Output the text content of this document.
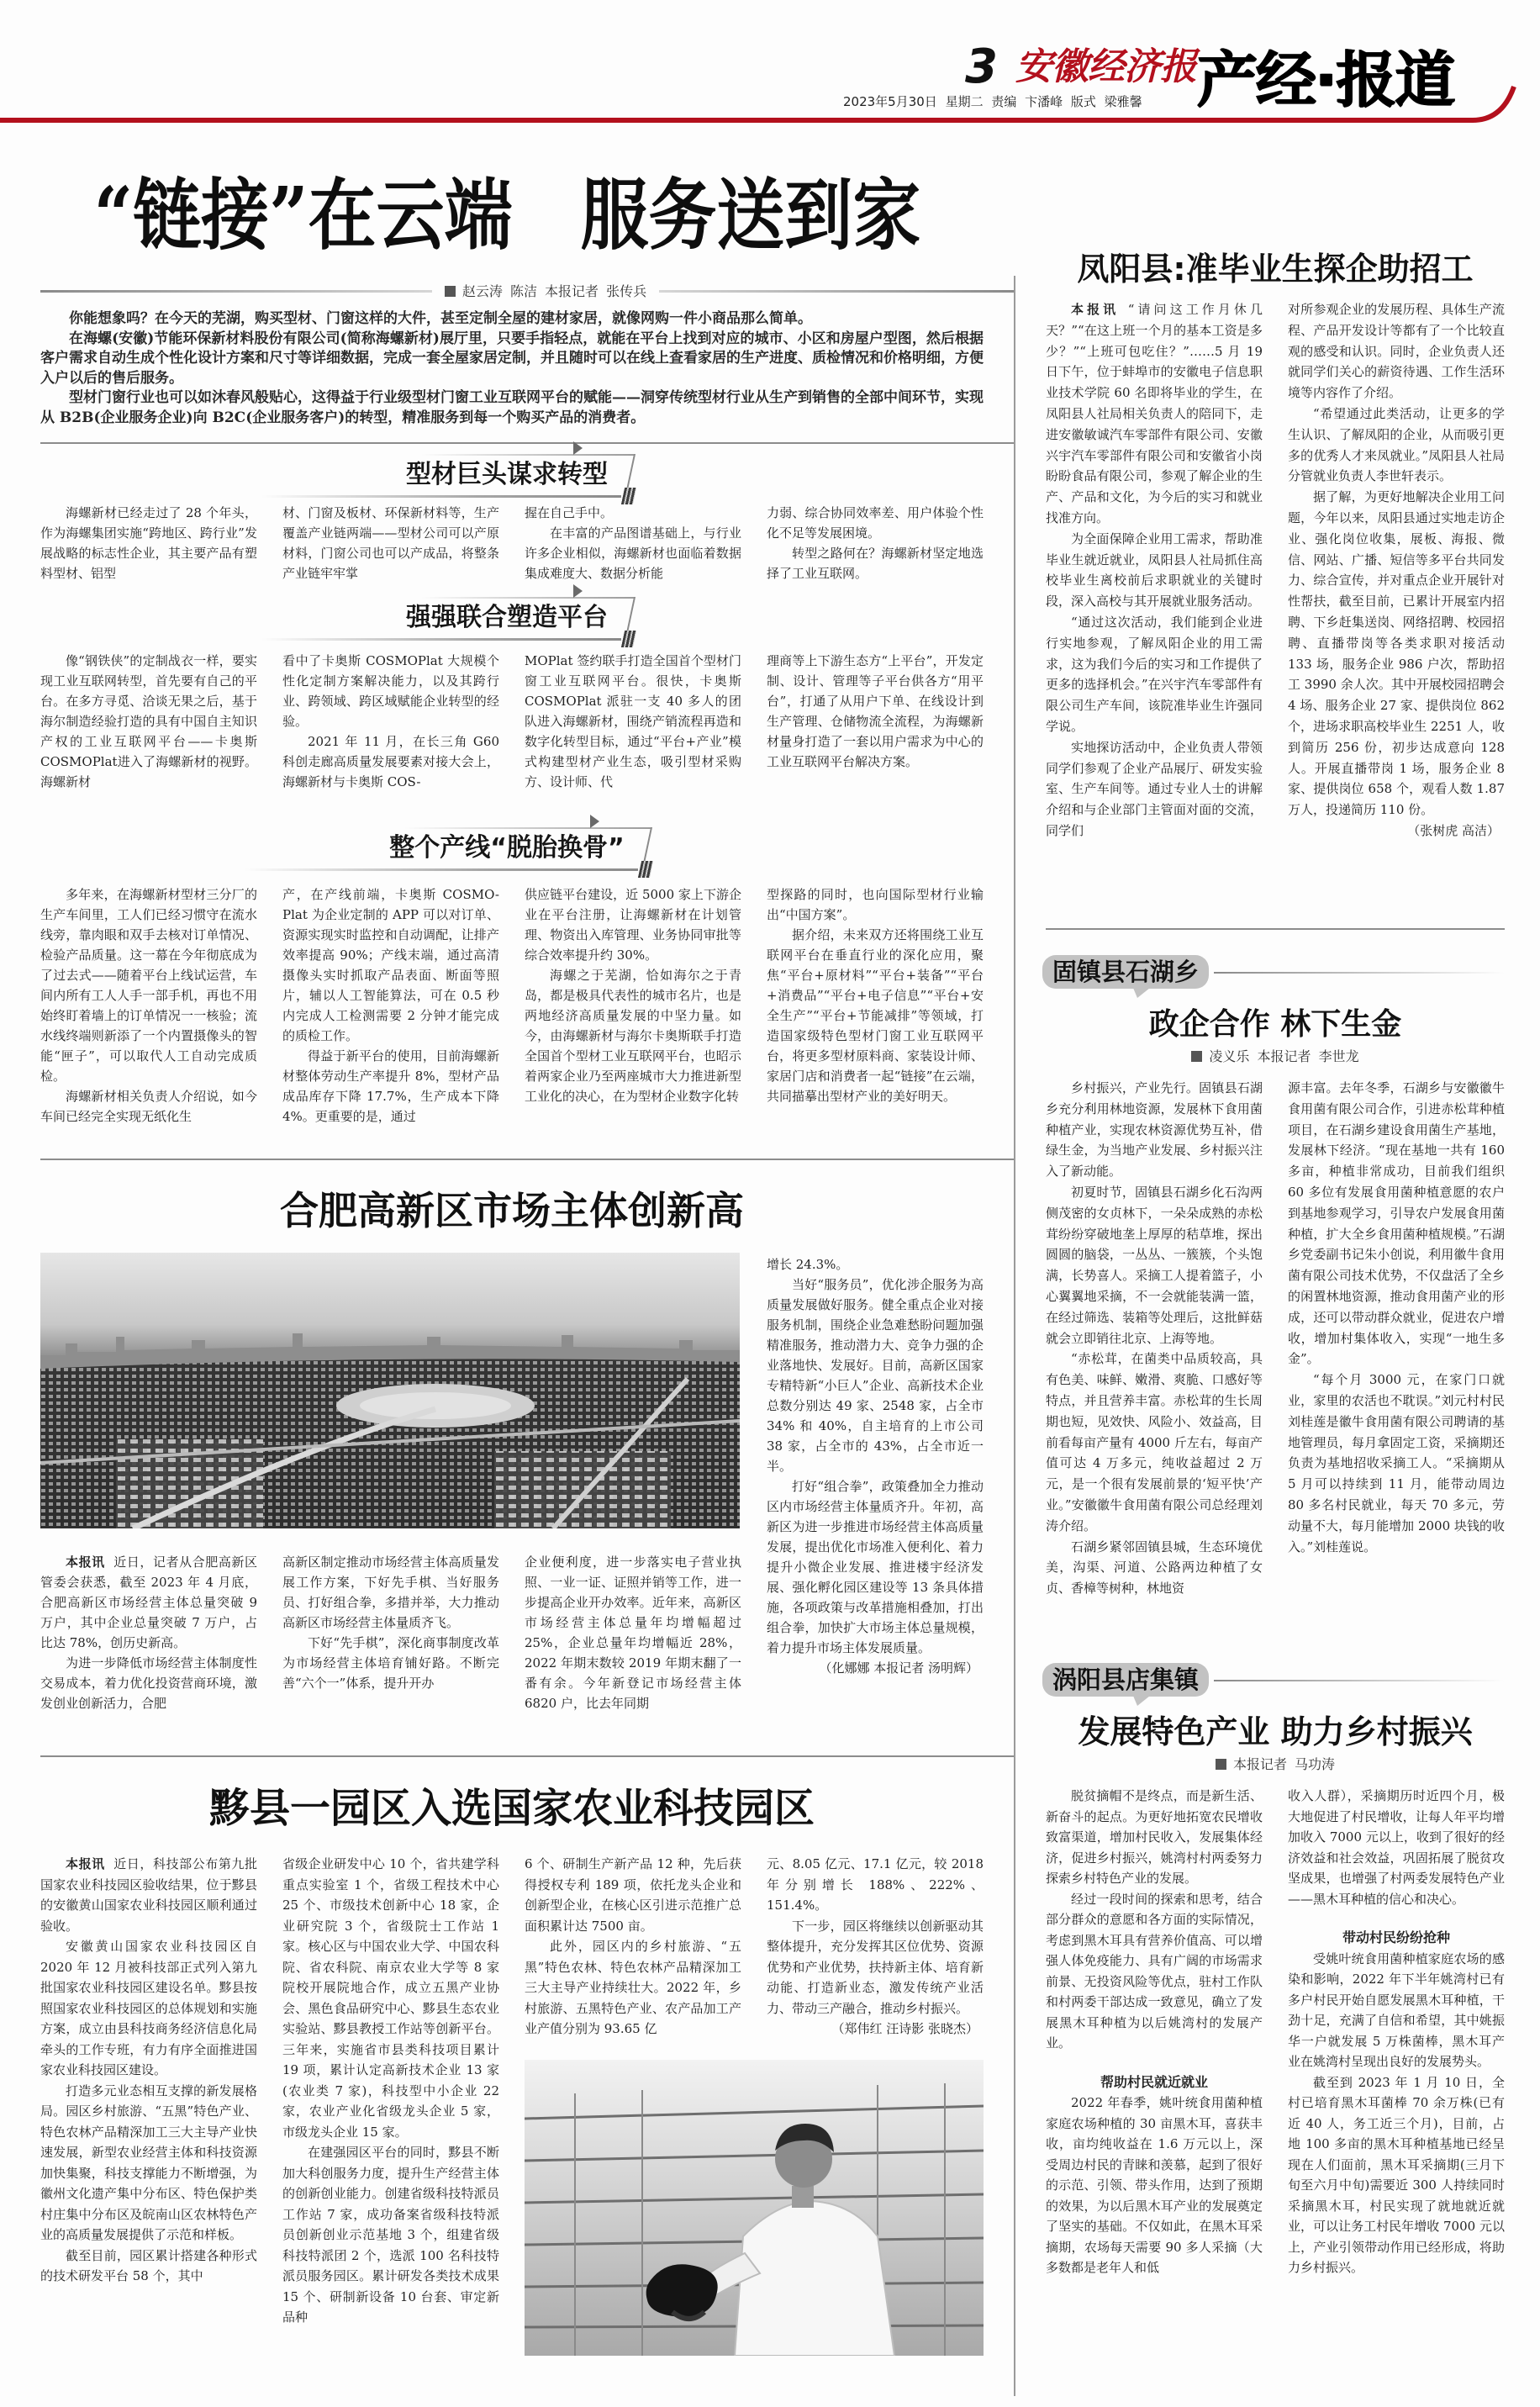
3 安徽经济报
2023年5月30日 星期二 责编 卞潘峰 版式 梁雅馨 产经·报道
“链接”在云端　服务送到家
赵云涛 陈洁 本报记者 张传兵

你能想象吗？在今天的芜湖，购买型材、门窗这样的大件，甚至定制全屋的建材家居，就像网购一件小商品那么简单。

在海螺(安徽)节能环保新材料股份有限公司(简称海螺新材)展厅里，只要手指轻点，就能在平台上找到对应的城市、小区和房屋户型图，然后根据客户需求自动生成个性化设计方案和尺寸等详细数据，完成一套全屋家居定制，并且随时可以在线上查看家居的生产进度、质检情况和价格明细，方便入户以后的售后服务。

型材门窗行业也可以如沐春风般贴心，这得益于行业级型材门窗工业互联网平台的赋能——洞穿传统型材行业从生产到销售的全部中间环节，实现从 B2B(企业服务企业)向 B2C(企业服务客户)的转型，精准服务到每一个购买产品的消费者。

型材巨头谋求转型

海螺新材已经走过了 28 个年头，作为海螺集团实施“跨地区、跨行业”发展战略的标志性企业，其主要产品有塑料型材、铝型

材、门窗及板材、环保新材料等，生产覆盖产业链两端——型材公司可以产原材料，门窗公司也可以产成品，将整条产业链牢牢掌

握在自己手中。

在丰富的产品图谱基础上，与行业许多企业相似，海螺新材也面临着数据集成难度大、数据分析能

力弱、综合协同效率差、用户体验个性化不足等发展困境。

转型之路何在？海螺新材坚定地选择了工业互联网。

强强联合塑造平台

像“钢铁侠”的定制战衣一样，要实现工业互联网转型，首先要有自己的平台。在多方寻觅、洽谈无果之后，基于海尔制造经验打造的具有中国自主知识产权的工业互联网平台——卡奥斯 COSMOPlat进入了海螺新材的视野。海螺新材

看中了卡奥斯 COSMOPlat 大规模个性化定制方案解决能力，以及其跨行业、跨领域、跨区域赋能企业转型的经验。

2021 年 11 月，在长三角 G60 科创走廊高质量发展要素对接大会上，海螺新材与卡奥斯 COS-

MOPlat 签约联手打造全国首个型材门窗工业互联网平台。很快，卡奥斯 COSMOPlat 派驻一支 40 多人的团队进入海螺新材，围绕产销流程再造和数字化转型目标，通过“平台+产业”模式构建型材产业生态，吸引型材采购方、设计师、代

理商等上下游生态方“上平台”，开发定制、设计、管理等子平台供各方“用平台”，打通了从用户下单、在线设计到生产管理、仓储物流全流程，为海螺新材量身打造了一套以用户需求为中心的工业互联网平台解决方案。

整个产线“脱胎换骨”

多年来，在海螺新材型材三分厂的生产车间里，工人们已经习惯守在流水线旁，靠肉眼和双手去核对订单情况、检验产品质量。这一幕在今年彻底成为了过去式——随着平台上线试运营，车间内所有工人人手一部手机，再也不用始终盯着墙上的订单情况一一核验；流水线终端则新添了一个内置摄像头的智能“匣子”，可以取代人工自动完成质检。

海螺新材相关负责人介绍说，如今车间已经完全实现无纸化生

产，在产线前端，卡奥斯 COSMO-Plat 为企业定制的 APP 可以对订单、资源实现实时监控和自动调配，让排产效率提高 90%；产线末端，通过高清摄像头实时抓取产品表面、断面等照片，辅以人工智能算法，可在 0.5 秒内完成人工检测需要 2 分钟才能完成的质检工作。

得益于新平台的使用，目前海螺新材整体劳动生产率提升 8%，型材产品成品库存下降 17.7%，生产成本下降 4%。更重要的是，通过

供应链平台建设，近 5000 家上下游企业在平台注册，让海螺新材在计划管理、物资出入库管理、业务协同审批等综合效率提升约 30%。

海螺之于芜湖，恰如海尔之于青岛，都是极具代表性的城市名片，也是两地经济高质量发展的中坚力量。如今，由海螺新材与海尔卡奥斯联手打造全国首个型材工业互联网平台，也昭示着两家企业乃至两座城市大力推进新型工业化的决心，在为型材企业数字化转

型探路的同时，也向国际型材行业输出“中国方案”。

据介绍，未来双方还将围绕工业互联网平台在垂直行业的深化应用，聚焦“平台+原材料”“平台+装备”“平台+消费品”“平台+电子信息”“平台+安全生产”“平台+节能减排”等领域，打造国家级特色型材门窗工业互联网平台，将更多型材原料商、家装设计师、家居门店和消费者一起“链接”在云端，共同描摹出型材产业的美好明天。

合肥高新区市场主体创新高

增长 24.3%。

当好“服务员”，优化涉企服务为高质量发展做好服务。健全重点企业对接服务机制，围绕企业急难愁盼问题加强精准服务，推动潜力大、竞争力强的企业落地快、发展好。目前，高新区国家专精特新“小巨人”企业、高新技术企业总数分别达 49 家、2548 家，占全市 34% 和 40%，自主培育的上市公司 38 家，占全市的 43%，占全市近一半。

打好“组合拳”，政策叠加全力推动区内市场经营主体量质齐升。年初，高新区为进一步推进市场经营主体高质量发展，提出优化市场准入便利化、着力提升小微企业发展、推进楼宇经济发展、强化孵化园区建设等 13 条具体措施，各项政策与改革措施相叠加，打出组合拳，加快扩大市场主体总量规模，着力提升市场主体发展质量。

（化娜娜 本报记者 汤明辉）

本报讯 近日，记者从合肥高新区管委会获悉，截至 2023 年 4 月底，合肥高新区市场经营主体总量突破 9 万户，其中企业总量突破 7 万户，占比达 78%，创历史新高。

为进一步降低市场经营主体制度性交易成本，着力优化投资营商环境，激发创业创新活力，合肥

高新区制定推动市场经营主体高质量发展工作方案，下好先手棋、当好服务员、打好组合拳，多措并举，大力推动高新区市场经营主体量质齐飞。

下好“先手棋”，深化商事制度改革为市场经营主体培育铺好路。不断完善“六个一”体系，提升开办

企业便利度，进一步落实电子营业执照、一业一证、证照并销等工作，进一步提高企业开办效率。近年来，高新区市场经营主体总量年均增幅超过 25%，企业总量年均增幅近 28%，2022 年期末数较 2019 年期末翻了一番有余。今年新登记市场经营主体 6820 户，比去年同期

黟县一园区入选国家农业科技园区

本报讯 近日，科技部公布第九批国家农业科技园区验收结果，位于黟县的安徽黄山国家农业科技园区顺利通过验收。

安徽黄山国家农业科技园区自 2020 年 12 月被科技部正式列入第九批国家农业科技园区建设名单。黟县按照国家农业科技园区的总体规划和实施方案，成立由县科技商务经济信息化局牵头的工作专班，有力有序全面推进国家农业科技园区建设。

打造多元业态相互支撑的新发展格局。园区乡村旅游、“五黑”特色产业、特色农林产品精深加工三大主导产业快速发展，新型农业经营主体和科技资源加快集聚，科技支撑能力不断增强，为徽州文化遗产集中分布区、特色保护类村庄集中分布区及皖南山区农林特色产业的高质量发展提供了示范和样板。

截至目前，园区累计搭建各种形式的技术研发平台 58 个，其中

省级企业研发中心 10 个，省共建学科重点实验室 1 个，省级工程技术中心 25 个、市级技术创新中心 18 家，企业研究院 3 个，省级院士工作站 1 家。核心区与中国农业大学、中国农科院、省农科院、南京农业大学等 8 家院校开展院地合作，成立五黑产业协会、黑色食品研究中心、黟县生态农业实验站、黟县教授工作站等创新平台。三年来，实施省市县类科技项目累计 19 项，累计认定高新技术企业 13 家(农业类 7 家)，科技型中小企业 22 家，农业产业化省级龙头企业 5 家，市级龙头企业 15 家。

在建强园区平台的同时，黟县不断加大科创服务力度，提升生产经营主体的创新创业能力。创建省级科技特派员工作站 7 家，成功备案省级科技特派员创新创业示范基地 3 个，组建省级科技特派团 2 个，选派 100 名科技特派员服务园区。累计研发各类技术成果 15 个、研制新设备 10 台套、审定新品种

6 个、研制生产新产品 12 种，先后获得授权专利 189 项，依托龙头企业和创新型企业，在核心区引进示范推广总面积累计达 7500 亩。

此外，园区内的乡村旅游、“五黑”特色农林、特色农林产品精深加工三大主导产业持续壮大。2022 年，乡村旅游、五黑特色产业、农产品加工产业产值分别为 93.65 亿

元、8.05 亿元、17.1 亿元，较 2018 年分别增长 188%、222%、151.4%。

下一步，园区将继续以创新驱动其整体提升，充分发挥其区位优势、资源优势和产业优势，扶持新主体、培育新动能、打造新业态，激发传统产业活力、带动三产融合，推动乡村振兴。

（郑伟红 汪诗影 张晓杰）

凤阳县:准毕业生探企助招工

本报讯 “请问这工作月休几天？”“在这上班一个月的基本工资是多少？”“上班可包吃住？”……5 月 19 日下午，位于蚌埠市的安徽电子信息职业技术学院 60 名即将毕业的学生，在凤阳县人社局相关负责人的陪同下，走进安徽敏诚汽车零部件有限公司、安徽兴宇汽车零部件有限公司和安徽省小岗盼盼食品有限公司，参观了解企业的生产、产品和文化，为今后的实习和就业找准方向。

为全面保障企业用工需求，帮助准毕业生就近就业，凤阳县人社局抓住高校毕业生离校前后求职就业的关键时段，深入高校与其开展就业服务活动。

“通过这次活动，我们能到企业进行实地参观，了解凤阳企业的用工需求，这为我们今后的实习和工作提供了更多的选择机会。”在兴宇汽车零部件有限公司生产车间，该院准毕业生许强同学说。

实地探访活动中，企业负责人带领同学们参观了企业产品展厅、研发实验室、生产车间等。通过专业人士的讲解介绍和与企业部门主管面对面的交流，同学们

对所参观企业的发展历程、具体生产流程、产品开发设计等都有了一个比较直观的感受和认识。同时，企业负责人还就同学们关心的薪资待遇、工作生活环境等内容作了介绍。

“希望通过此类活动，让更多的学生认识、了解凤阳的企业，从而吸引更多的优秀人才来凤就业。”凤阳县人社局分管就业负责人李世轩表示。

据了解，为更好地解决企业用工问题，今年以来，凤阳县通过实地走访企业、强化岗位收集，展板、海报、微信、网站、广播、短信等多平台共同发力、综合宣传，并对重点企业开展针对性帮扶，截至目前，已累计开展室内招聘、下乡赶集送岗、网络招聘、校园招聘、直播带岗等各类求职对接活动 133 场，服务企业 986 户次，帮助招工 3990 余人次。其中开展校园招聘会 4 场、服务企业 27 家、提供岗位 862 个，进场求职高校毕业生 2251 人，收到简历 256 份，初步达成意向 128 人。开展直播带岗 1 场，服务企业 8 家、提供岗位 658 个，观看人数 1.87 万人，投递简历 110 份。

（张树虎 高洁）

固镇县石湖乡
政企合作 林下生金
凌义乐 本报记者 李世龙

乡村振兴，产业先行。固镇县石湖乡充分利用林地资源，发展林下食用菌种植产业，实现农林资源优势互补，借绿生金，为当地产业发展、乡村振兴注入了新动能。

初夏时节，固镇县石湖乡化石沟两侧茂密的女贞林下，一朵朵成熟的赤松茸纷纷穿破地垄上厚厚的秸草堆，探出圆圆的脑袋，一丛丛、一簇簇，个头饱满，长势喜人。采摘工人提着篮子，小心翼翼地采摘，不一会就能装满一篮，在经过筛选、装箱等处理后，这批鲜菇就会立即销往北京、上海等地。

“赤松茸，在菌类中品质较高，具有色美、味鲜、嫩滑、爽脆、口感好等特点，并且营养丰富。赤松茸的生长周期也短，见效快、风险小、效益高，目前看每亩产量有 4000 斤左右，每亩产值可达 4 万多元，纯收益超过 2 万元，是一个很有发展前景的‘短平快’产业。”安徽徽牛食用菌有限公司总经理刘涛介绍。

石湖乡紧邻固镇县城，生态环境优美，沟渠、河道、公路两边种植了女贞、香樟等树种，林地资

源丰富。去年冬季，石湖乡与安徽徽牛食用菌有限公司合作，引进赤松茸种植项目，在石湖乡建设食用菌生产基地，发展林下经济。“现在基地一共有 160 多亩，种植非常成功，目前我们组织 60 多位有发展食用菌种植意愿的农户到基地参观学习，引导农户发展食用菌种植，扩大全乡食用菌种植规模。”石湖乡党委副书记朱小创说，利用徽牛食用菌有限公司技术优势，不仅盘活了全乡的闲置林地资源，推动食用菌产业的形成，还可以带动群众就业，促进农户增收，增加村集体收入，实现“一地生多金”。

“每个月 3000 元，在家门口就业，家里的农活也不耽误。”刘元村村民刘桂莲是徽牛食用菌有限公司聘请的基地管理员，每月拿固定工资，采摘期还负责为基地招收采摘工人。“采摘期从 5 月可以持续到 11 月，能带动周边 80 多名村民就业，每天 70 多元，劳动量不大，每月能增加 2000 块钱的收入。”刘桂莲说。

涡阳县店集镇
发展特色产业 助力乡村振兴
本报记者 马功涛

脱贫摘帽不是终点，而是新生活、新奋斗的起点。为更好地拓宽农民增收致富渠道，增加村民收入，发展集体经济，促进乡村振兴，姚湾村村两委努力探索乡村特色产业的发展。

经过一段时间的探索和思考，结合部分群众的意愿和各方面的实际情况，考虑到黑木耳具有营养价值高、可以增强人体免疫能力、具有广阔的市场需求前景、无投资风险等优点，驻村工作队和村两委干部达成一致意见，确立了发展黑木耳种植为以后姚湾村的发展产业。

帮助村民就近就业

2022 年春季，姚叶统食用菌种植家庭农场种植的 30 亩黑木耳，喜获丰收，亩均纯收益在 1.6 万元以上，深受周边村民的青睐和羡慕，起到了很好的示范、引领、带头作用，达到了预期的效果，为以后黑木耳产业的发展奠定了坚实的基础。不仅如此，在黑木耳采摘期，农场每天需要 90 多人采摘（大多数都是老年人和低

收入人群），采摘期历时近四个月，极大地促进了村民增收，让每人年平均增加收入 7000 元以上，收到了很好的经济效益和社会效益，巩固拓展了脱贫攻坚成果，也增强了村两委发展特色产业——黑木耳种植的信心和决心。

带动村民纷纷抢种

受姚叶统食用菌种植家庭农场的感染和影响，2022 年下半年姚湾村已有多户村民开始自愿发展黑木耳种植，干劲十足，充满了自信和希望，其中姚振华一户就发展 5 万株菌棒，黑木耳产业在姚湾村呈现出良好的发展势头。

截至到 2023 年 1 月 10 日，全村已培育黑木耳菌棒 70 余万株(已有近 40 人，务工近三个月)，目前，占地 100 多亩的黑木耳种植基地已经呈现在人们面前，黑木耳采摘期(三月下旬至六月中旬)需要近 300 人持续同时采摘黑木耳，村民实现了就地就近就业，可以让务工村民年增收 7000 元以上，产业引领带动作用已经形成，将助力乡村振兴。
